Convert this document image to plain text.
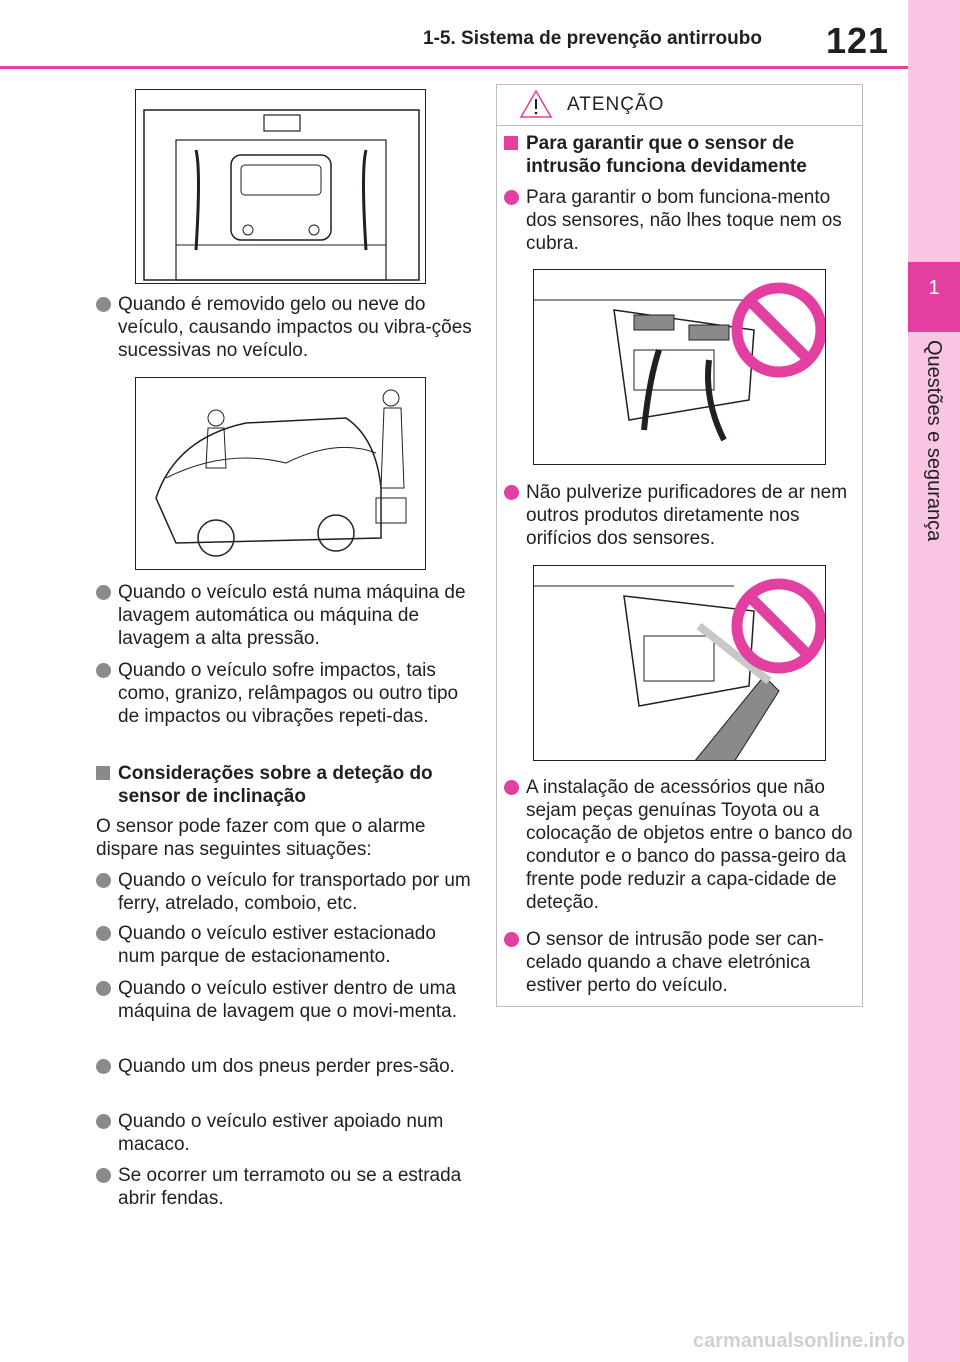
1-5. Sistema de prevenção antirroubo 121
1
Questões e segurança
Quando é removido gelo ou neve do veículo, causando impactos ou vibra-ções sucessivas no veículo.
Quando o veículo está numa máquina de lavagem automática ou máquina de lavagem a alta pressão.
Quando o veículo sofre impactos, tais como, granizo, relâmpagos ou outro tipo de impactos ou vibrações repeti-das.
Considerações sobre a deteção do sensor de inclinação
O sensor pode fazer com que o alarme dispare nas seguintes situações:
Quando o veículo for transportado por um ferry, atrelado, comboio, etc.
Quando o veículo estiver estacionado num parque de estacionamento.
Quando o veículo estiver dentro de uma máquina de lavagem que o movi-menta.
Quando um dos pneus perder pres-são.
Quando o veículo estiver apoiado num macaco.
Se ocorrer um terramoto ou se a estrada abrir fendas.
ATENÇÃO
Para garantir que o sensor de intrusão funciona devidamente
Para garantir o bom funciona-mento dos sensores, não lhes toque nem os cubra.
Não pulverize purificadores de ar nem outros produtos diretamente nos orifícios dos sensores.
A instalação de acessórios que não sejam peças genuínas Toyota ou a colocação de objetos entre o banco do condutor e o banco do passa-geiro da frente pode reduzir a capa-cidade de deteção.
O sensor de intrusão pode ser can-celado quando a chave eletrónica estiver perto do veículo.
carmanualsonline.info
